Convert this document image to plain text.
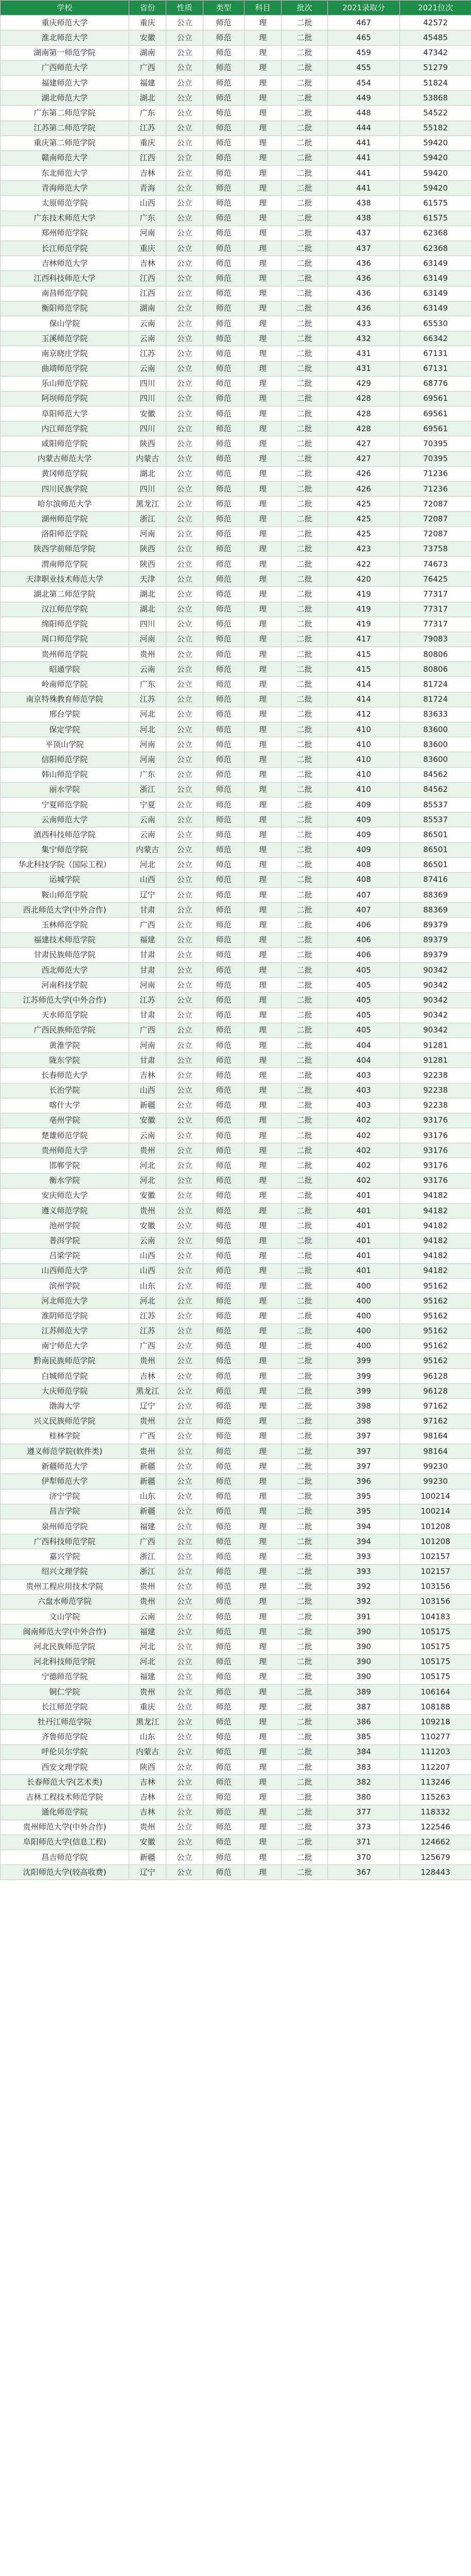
学校	省份	性质	类型	科目	批次	2021录取分	2021位次
重庆师范大学	重庆	公立	师范	理	二批	467	42572
淮北师范大学	安徽	公立	师范	理	二批	465	45485
湖南第一师范学院	湖南	公立	师范	理	二批	459	47342
广西师范大学	广西	公立	师范	理	二批	455	51279
福建师范大学	福建	公立	师范	理	二批	454	51824
湖北师范大学	湖北	公立	师范	理	二批	449	53868
广东第二师范学院	广东	公立	师范	理	二批	448	54522
江苏第二师范学院	江苏	公立	师范	理	二批	444	55182
重庆第二师范学院	重庆	公立	师范	理	二批	441	59420
赣南师范大学	江西	公立	师范	理	二批	441	59420
东北师范大学	吉林	公立	师范	理	二批	441	59420
青海师范大学	青海	公立	师范	理	二批	441	59420
太原师范学院	山西	公立	师范	理	二批	438	61575
广东技术师范大学	广东	公立	师范	理	二批	438	61575
郑州师范学院	河南	公立	师范	理	二批	437	62368
长江师范学院	重庆	公立	师范	理	二批	437	62368
吉林师范大学	吉林	公立	师范	理	二批	436	63149
江西科技师范大学	江西	公立	师范	理	二批	436	63149
南昌师范学院	江西	公立	师范	理	二批	436	63149
衡阳师范学院	湖南	公立	师范	理	二批	436	63149
保山学院	云南	公立	师范	理	二批	433	65530
玉溪师范学院	云南	公立	师范	理	二批	432	66342
南京晓庄学院	江苏	公立	师范	理	二批	431	67131
曲靖师范学院	云南	公立	师范	理	二批	431	67131
乐山师范学院	四川	公立	师范	理	二批	429	68776
阿坝师范学院	四川	公立	师范	理	二批	428	69561
阜阳师范大学	安徽	公立	师范	理	二批	428	69561
内江师范学院	四川	公立	师范	理	二批	428	69561
咸阳师范学院	陕西	公立	师范	理	二批	427	70395
内蒙古师范大学	内蒙古	公立	师范	理	二批	427	70395
黄冈师范学院	湖北	公立	师范	理	二批	426	71236
四川民族学院	四川	公立	师范	理	二批	426	71236
哈尔滨师范大学	黑龙江	公立	师范	理	二批	425	72087
湖州师范学院	浙江	公立	师范	理	二批	425	72087
洛阳师范学院	河南	公立	师范	理	二批	425	72087
陕西学前师范学院	陕西	公立	师范	理	二批	423	73758
渭南师范学院	陕西	公立	师范	理	二批	422	74673
天津职业技术师范大学	天津	公立	师范	理	二批	420	76425
湖北第二师范学院	湖北	公立	师范	理	二批	419	77317
汉江师范学院	湖北	公立	师范	理	二批	419	77317
绵阳师范学院	四川	公立	师范	理	二批	419	77317
周口师范学院	河南	公立	师范	理	二批	417	79083
贵州师范学院	贵州	公立	师范	理	二批	415	80806
昭通学院	云南	公立	师范	理	二批	415	80806
岭南师范学院	广东	公立	师范	理	二批	414	81724
南京特殊教育师范学院	江苏	公立	师范	理	二批	414	81724
邢台学院	河北	公立	师范	理	二批	412	83633
保定学院	河北	公立	师范	理	二批	410	83600
平顶山学院	河南	公立	师范	理	二批	410	83600
信阳师范学院	河南	公立	师范	理	二批	410	83600
韩山师范学院	广东	公立	师范	理	二批	410	84562
丽水学院	浙江	公立	师范	理	二批	410	84562
宁夏师范学院	宁夏	公立	师范	理	二批	409	85537
云南师范大学	云南	公立	师范	理	二批	409	85537
滇西科技师范学院	云南	公立	师范	理	二批	409	86501
集宁师范学院	内蒙古	公立	师范	理	二批	409	86501
华北科技学院（国际工程）	河北	公立	师范	理	二批	408	86501
运城学院	山西	公立	师范	理	二批	408	87416
鞍山师范学院	辽宁	公立	师范	理	二批	407	88369
西北师范大学(中外合作)	甘肃	公立	师范	理	二批	407	88369
玉林师范学院	广西	公立	师范	理	二批	406	89379
福建技术师范学院	福建	公立	师范	理	二批	406	89379
甘肃民族师范学院	甘肃	公立	师范	理	二批	406	89379
西北师范大学	甘肃	公立	师范	理	二批	405	90342
河南科技学院	河南	公立	师范	理	二批	405	90342
江苏师范大学(中外合作)	江苏	公立	师范	理	二批	405	90342
天水师范学院	甘肃	公立	师范	理	二批	405	90342
广西民族师范学院	广西	公立	师范	理	二批	405	90342
黄淮学院	河南	公立	师范	理	二批	404	91281
陇东学院	甘肃	公立	师范	理	二批	404	91281
长春师范大学	吉林	公立	师范	理	二批	403	92238
长治学院	山西	公立	师范	理	二批	403	92238
喀什大学	新疆	公立	师范	理	二批	403	92238
亳州学院	安徽	公立	师范	理	二批	402	93176
楚雄师范学院	云南	公立	师范	理	二批	402	93176
贵州师范大学	贵州	公立	师范	理	二批	402	93176
邯郸学院	河北	公立	师范	理	二批	402	93176
衡水学院	河北	公立	师范	理	二批	402	93176
安庆师范大学	安徽	公立	师范	理	二批	401	94182
遵义师范学院	贵州	公立	师范	理	二批	401	94182
池州学院	安徽	公立	师范	理	二批	401	94182
普洱学院	云南	公立	师范	理	二批	401	94182
吕梁学院	山西	公立	师范	理	二批	401	94182
山西师范大学	山西	公立	师范	理	二批	401	94182
滨州学院	山东	公立	师范	理	二批	400	95162
河北师范大学	河北	公立	师范	理	二批	400	95162
淮阴师范学院	江苏	公立	师范	理	二批	400	95162
江苏师范大学	江苏	公立	师范	理	二批	400	95162
南宁师范大学	广西	公立	师范	理	二批	400	95162
黔南民族师范学院	贵州	公立	师范	理	二批	399	95162
白城师范学院	吉林	公立	师范	理	二批	399	96128
大庆师范学院	黑龙江	公立	师范	理	二批	399	96128
渤海大学	辽宁	公立	师范	理	二批	398	97162
兴义民族师范学院	贵州	公立	师范	理	二批	398	97162
桂林学院	广西	公立	师范	理	二批	397	98164
遵义师范学院(软件类)	贵州	公立	师范	理	二批	397	98164
新疆师范大学	新疆	公立	师范	理	二批	397	99230
伊犁师范大学	新疆	公立	师范	理	二批	396	99230
济宁学院	山东	公立	师范	理	二批	395	100214
昌吉学院	新疆	公立	师范	理	二批	395	100214
泉州师范学院	福建	公立	师范	理	二批	394	101208
广西科技师范学院	广西	公立	师范	理	二批	394	101208
嘉兴学院	浙江	公立	师范	理	二批	393	102157
绍兴文理学院	浙江	公立	师范	理	二批	393	102157
贵州工程应用技术学院	贵州	公立	师范	理	二批	392	103156
六盘水师范学院	贵州	公立	师范	理	二批	392	103156
文山学院	云南	公立	师范	理	二批	391	104183
闽南师范大学(中外合作)	福建	公立	师范	理	二批	390	105175
河北民族师范学院	河北	公立	师范	理	二批	390	105175
河北科技师范学院	河北	公立	师范	理	二批	390	105175
宁德师范学院	福建	公立	师范	理	二批	390	105175
铜仁学院	贵州	公立	师范	理	二批	389	106164
长江师范学院	重庆	公立	师范	理	二批	387	108188
牡丹江师范学院	黑龙江	公立	师范	理	二批	386	109218
齐鲁师范学院	山东	公立	师范	理	二批	385	110277
呼伦贝尔学院	内蒙古	公立	师范	理	二批	384	111203
西安文理学院	陕西	公立	师范	理	二批	383	112207
长春师范大学(艺术类)	吉林	公立	师范	理	二批	382	113246
吉林工程技术师范学院	吉林	公立	师范	理	二批	380	115263
通化师范学院	吉林	公立	师范	理	二批	377	118332
贵州师范大学(中外合作)	贵州	公立	师范	理	二批	373	122546
阜阳师范大学(信息工程)	安徽	公立	师范	理	二批	371	124662
昌吉师范学院	新疆	公立	师范	理	二批	370	125679
沈阳师范大学(较高收费)	辽宁	公立	师范	理	二批	367	128443
